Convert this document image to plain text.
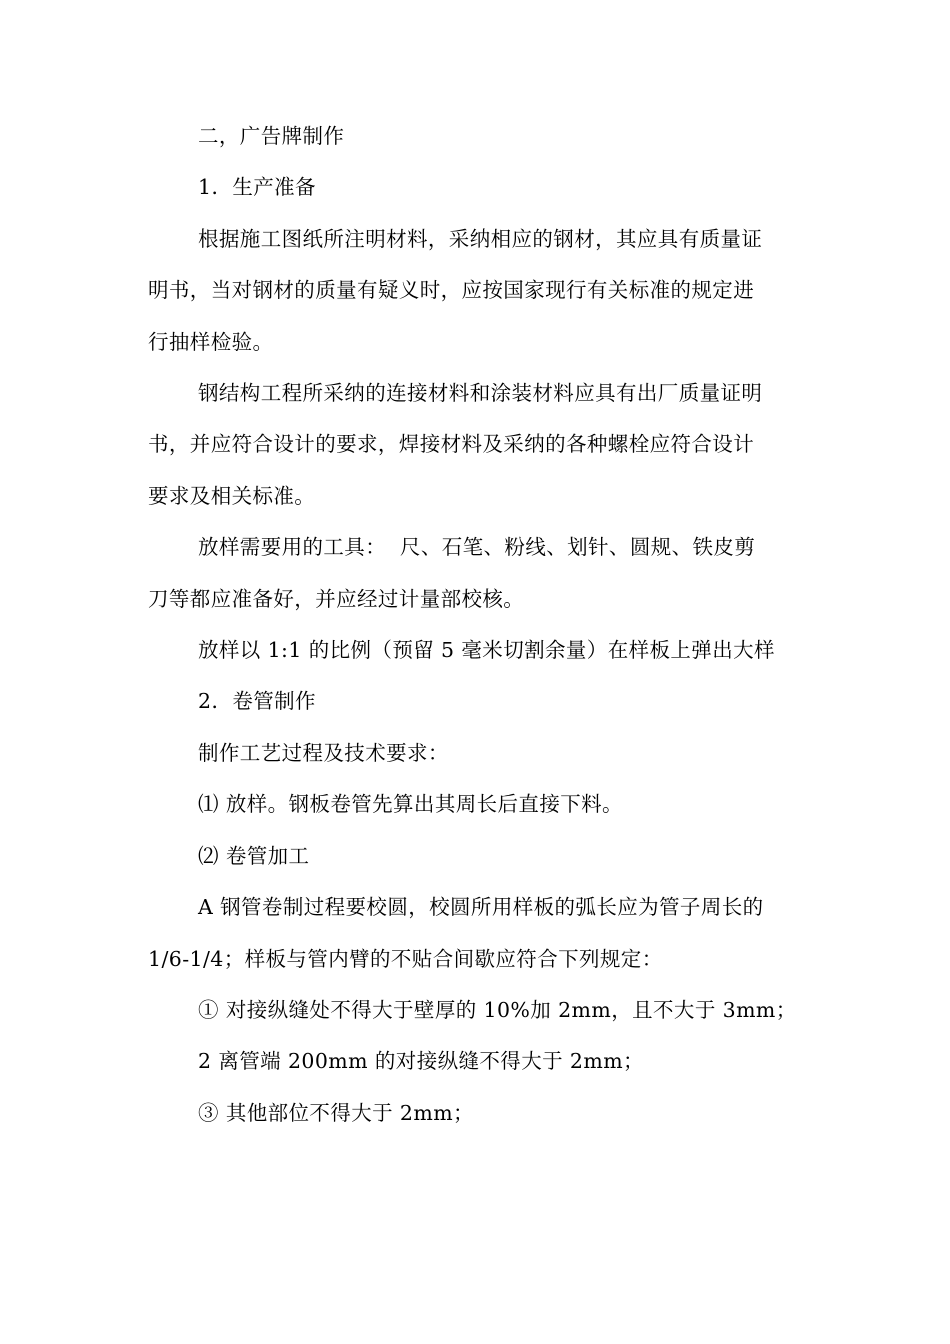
二，广告牌制作

1．生产准备

根据施工图纸所注明材料，采纳相应的钢材，其应具有质量证

明书，当对钢材的质量有疑义时，应按国家现行有关标准的规定进

行抽样检验。

钢结构工程所采纳的连接材料和涂装材料应具有出厂质量证明

书，并应符合设计的要求，焊接材料及采纳的各种螺栓应符合设计

要求及相关标准。

放样需要用的工具：  尺、石笔、粉线、划针、圆规、铁皮剪

刀等都应准备好，并应经过计量部校核。

放样以 1:1 的比例（预留 5 毫米切割余量）在样板上弹出大样

2．卷管制作

制作工艺过程及技术要求：

⑴ 放样。钢板卷管先算出其周长后直接下料。

⑵ 卷管加工

A 钢管卷制过程要校圆，校圆所用样板的弧长应为管子周长的

1/6-1/4；样板与管内臂的不贴合间歇应符合下列规定：

① 对接纵缝处不得大于壁厚的 10%加 2mm，且不大于 3mm；

2 离管端 200mm 的对接纵缝不得大于 2mm；

③ 其他部位不得大于 2mm；
